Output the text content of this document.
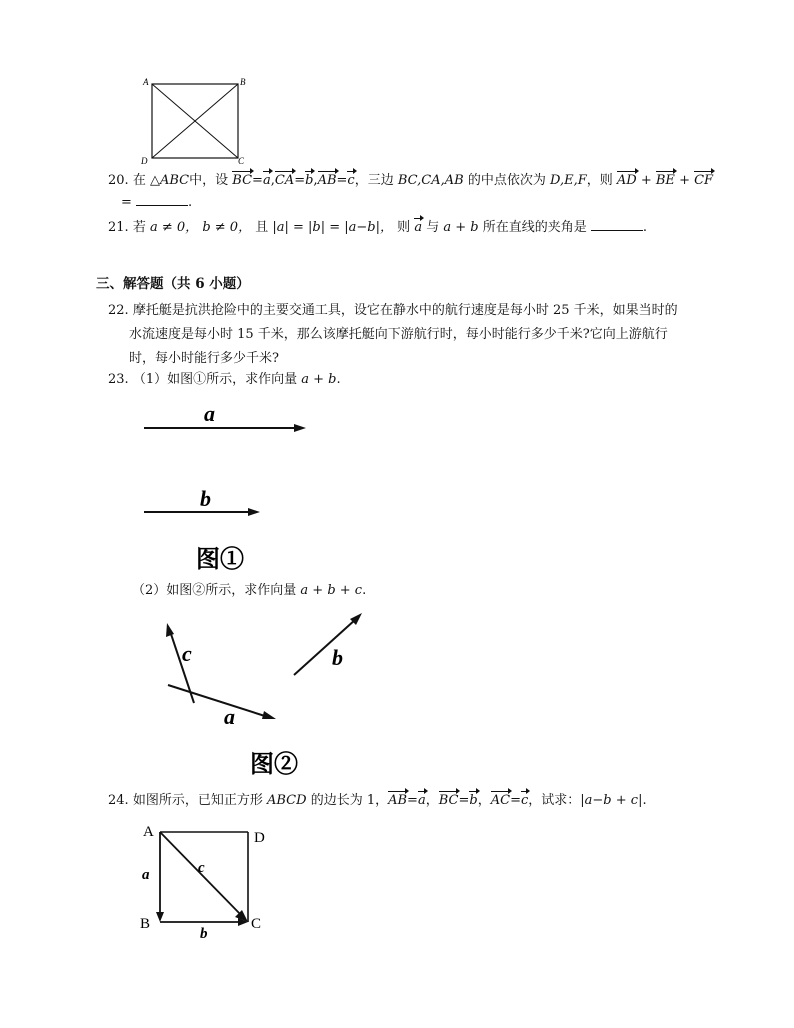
A	B
D	C
20. 在 △ABC中，设 BC=a,CA=b,AB=c，三边 BC,CA,AB 的中点依次为 D,E,F，则 AD + BE + CF
=	.
21. 若 a ≠ 0， b ≠ 0， 且 |a| = |b| = |a−b|， 则 a 与 a + b 所在直线的夹角是	.
三、解答题（共 6 小题）
22. 摩托艇是抗洪抢险中的主要交通工具，设它在静水中的航行速度是每小时 25 千米，如果当时的
水流速度是每小时 15 千米，那么该摩托艇向下游航行时，每小时能行多少千米?它向上游航行
时，每小时能行多少千米?
23. （1）如图①所示，求作向量 a + b.
a
b
图①
（2）如图②所示，求作向量 a + b + c.
c
a
b
图②
24. 如图所示，已知正方形 ABCD 的边长为 1，AB=a，BC=b，AC=c，试求：|a−b + c|.
A	D
B	C
a
b
c
